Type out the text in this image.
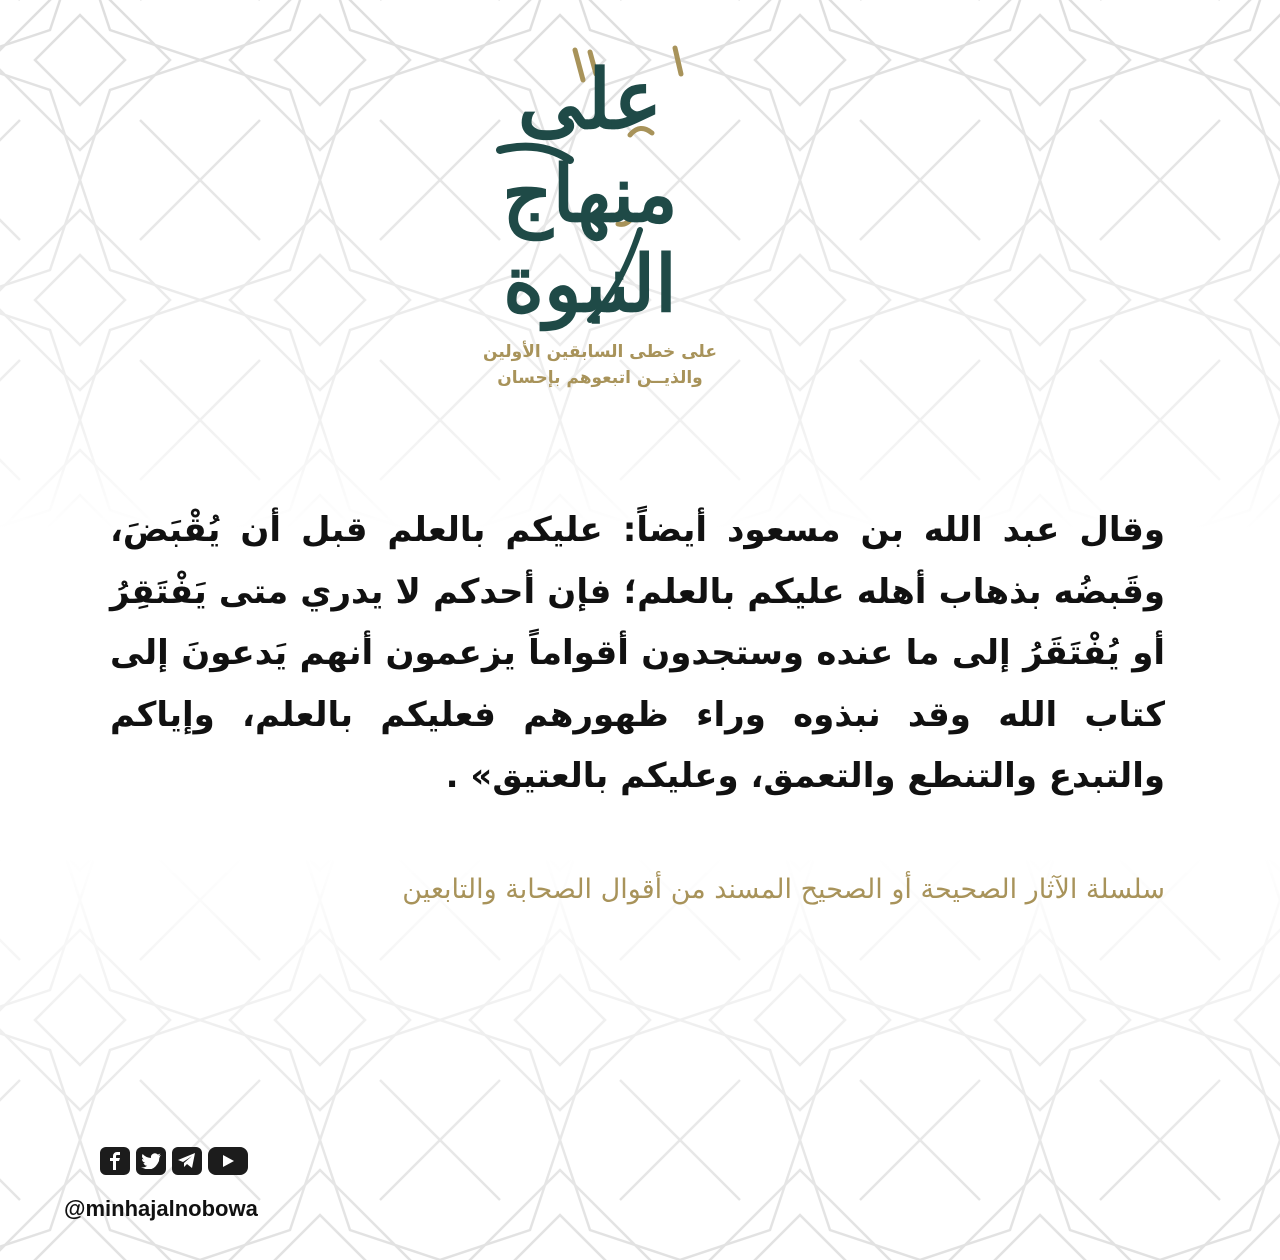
على
منهاج
النبوة
على خطى السابقين الأولين
والذيــن اتبعوهم بإحسان

وقال عبد الله بن مسعود أيضاً: عليكم بالعلم قبل أن يُقْبَضَ، وقَبضُه بذهاب أهله عليكم بالعلم؛ فإن أحدكم لا يدري متى يَفْتَقِرُ أو يُفْتَقَرُ إلى ما عنده وستجدون أقواماً يزعمون أنهم يَدعونَ إلى كتاب الله وقد نبذوه وراء ظهورهم فعليكم بالعلم، وإياكم والتبدع والتنطع والتعمق، وعليكم بالعتيق» .

سلسلة الآثار الصحيحة أو الصحيح المسند من أقوال الصحابة والتابعين
@minhajalnobowa
